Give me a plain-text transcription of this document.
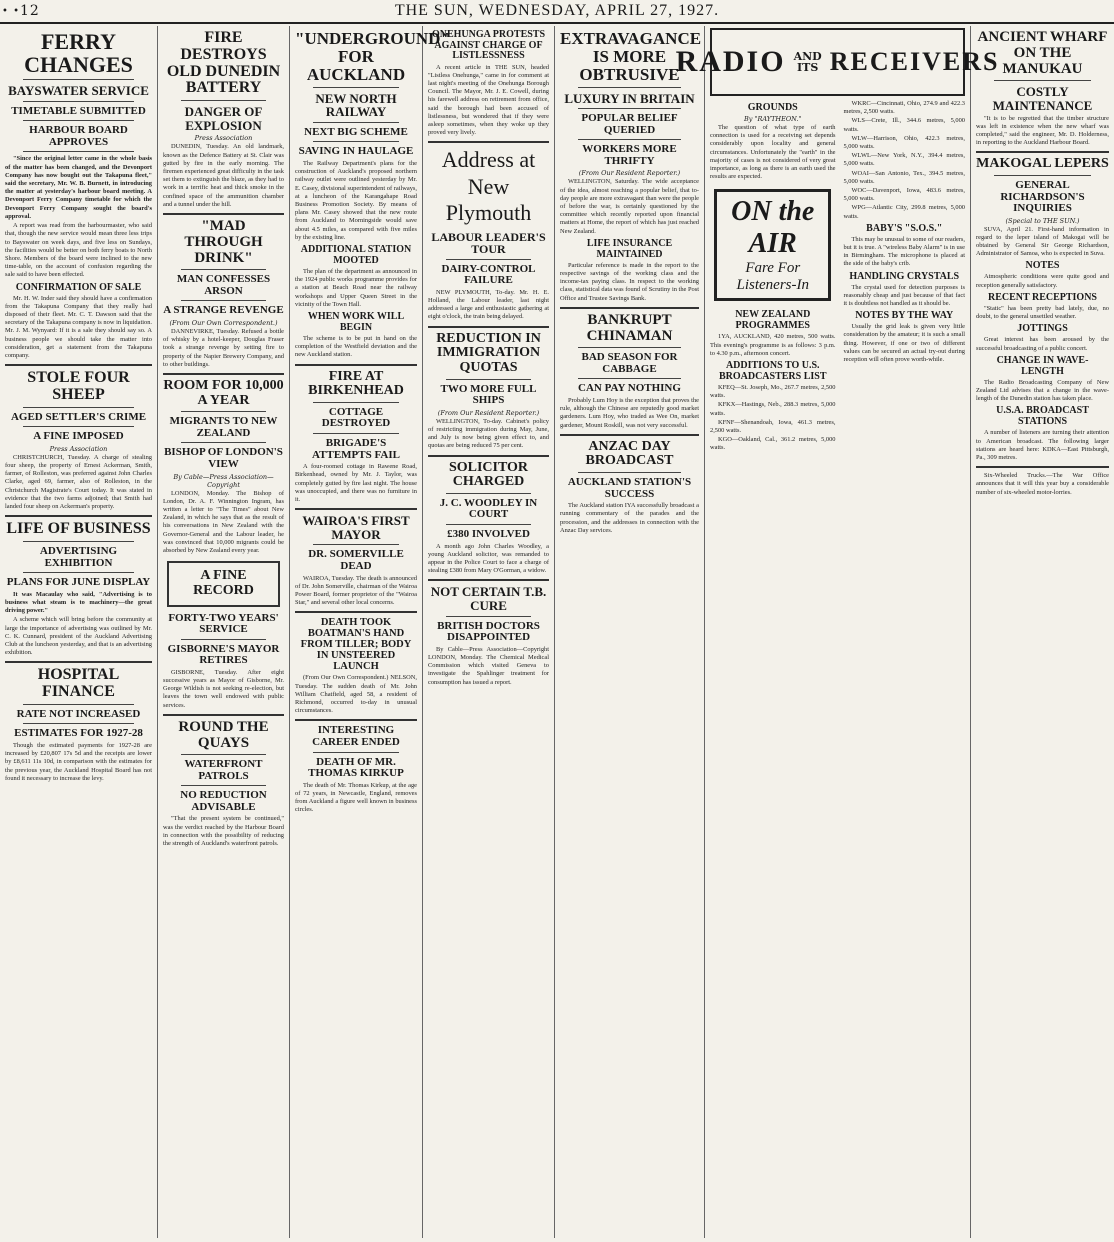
• • 12	THE SUN, WEDNESDAY, APRIL 27, 1927.
FERRY CHANGES
BAYSWATER SERVICE
TIMETABLE SUBMITTED
HARBOUR BOARD APPROVES

"Since the original letter came in the whole basis of the matter has been changed, and the Devonport Company has now bought out the Takapuna fleet," said the secretary, Mr. W. B. Burnett, in introducing the matter at yesterday's harbour board meeting. A Devonport Ferry Company timetable for which the Devonport Ferry Company sought the board's approval.

A report was read from the harbourmaster, who said that, though the new service would mean three less trips to Bayswater on week days, and five less on Sundays, the facilities would be better on both ferry boats to North Shore. Members of the board were inclined to the new time-table, on the account of confusion regarding the sale said to have been effected.

CONFIRMATION OF SALE

Mr. H. W. Inder said they should have a confirmation from the Takapuna Company that they really had disposed of their fleet. Mr. C. T. Dawson said that the secretary of the Takapuna company is now in liquidation. Mr. J. M. Wynyard: If it is a sale they should say so. A business people we should take the matter into consideration, get a statement from the Takapuna company.

STOLE FOUR SHEEP
AGED SETTLER'S CRIME
A FINE IMPOSED
Press Association

CHRISTCHURCH, Tuesday. A charge of stealing four sheep, the property of Ernest Ackerman, Smith, farmer, of Rolleston, was preferred against John Charles Clarke, aged 69, farmer, also of Rolleston, in the Christchurch Magistrate's Court today. It was stated in evidence that the two farms adjoined; that Smith had landed four sheep on Ackerman's property.

LIFE OF BUSINESS
ADVERTISING EXHIBITION
PLANS FOR JUNE DISPLAY

It was Macaulay who said, "Advertising is to business what steam is to machinery—the great driving power."

A scheme which will bring before the community at large the importance of advertising was outlined by Mr. C. K. Cunnard, president of the Auckland Advertising Club at the luncheon yesterday, and that is an advertising exhibition.

HOSPITAL FINANCE
RATE NOT INCREASED
ESTIMATES FOR 1927-28

Though the estimated payments for 1927-28 are increased by £20,807 17s 5d and the receipts are lower by £8,611 11s 10d, in comparison with the estimates for the previous year, the Auckland Hospital Board has not found it necessary to increase the levy.

FIRE DESTROYS OLD DUNEDIN BATTERY
DANGER OF EXPLOSION
Press Association

DUNEDIN, Tuesday. An old landmark, known as the Defence Battery at St. Clair was gutted by fire in the early morning. The firemen experienced great difficulty in the task set them to extinguish the blaze, as they had to work in a terrific heat and thick smoke in the confined space of the ammunition chamber and a tunnel under the hill.

"MAD THROUGH DRINK"
MAN CONFESSES ARSON
A STRANGE REVENGE
(From Our Own Correspondent.)

DANNEVIRKE, Tuesday. Refused a bottle of whisky by a hotel-keeper, Douglas Fraser took a strange revenge by setting fire to property of the Napier Brewery Company, and to other buildings.

ROOM FOR 10,000 A YEAR
MIGRANTS TO NEW ZEALAND
BISHOP OF LONDON'S VIEW
By Cable—Press Association—Copyright

LONDON, Monday. The Bishop of London, Dr. A. F. Winnington Ingram, has written a letter to "The Times" about New Zealand, in which he says that as the result of his conversations in New Zealand with the Governor-General and the Labour leader, he was convinced that 10,000 migrants could be absorbed by New Zealand every year.

A FINE RECORD
FORTY-TWO YEARS' SERVICE
GISBORNE'S MAYOR RETIRES

GISBORNE, Tuesday. After eight successive years as Mayor of Gisborne, Mr. George Wildish is not seeking re-election, but leaves the town well endowed with public services.

ROUND THE QUAYS
WATERFRONT PATROLS
NO REDUCTION ADVISABLE

"That the present system be continued," was the verdict reached by the Harbour Board in connection with the possibility of reducing the strength of Auckland's waterfront patrols.

"UNDERGROUND" FOR AUCKLAND
NEW NORTH RAILWAY
NEXT BIG SCHEME
SAVING IN HAULAGE

The Railway Department's plans for the construction of Auckland's proposed northern railway outlet were outlined yesterday by Mr. E. Casey, divisional superintendent of railways, at a luncheon of the Karangahape Road Business Promotion Society. By means of plans Mr. Casey showed that the new route from Auckland to Morningside would save about 4.5 miles, as compared with five miles by the existing line.

ADDITIONAL STATION MOOTED

The plan of the department as announced in the 1924 public works programme provides for a station at Beach Road near the railway workshops and Upper Queen Street in the vicinity of the Town Hall.

WHEN WORK WILL BEGIN

The scheme is to be put in hand on the completion of the Westfield deviation and the new Auckland station.

FIRE AT BIRKENHEAD
COTTAGE DESTROYED
BRIGADE'S ATTEMPTS FAIL

A four-roomed cottage in Rawene Road, Birkenhead, owned by Mr. J. Taylor, was completely gutted by fire last night. The house was unoccupied, and there was no furniture in it.

WAIROA'S FIRST MAYOR
DR. SOMERVILLE DEAD

WAIROA, Tuesday. The death is announced of Dr. John Somerville, chairman of the Wairoa Power Board, former proprietor of the "Wairoa Star," and several other local concerns.

DEATH TOOK BOATMAN'S HAND FROM TILLER; BODY IN UNSTEERED LAUNCH

(From Our Own Correspondent.) NELSON, Tuesday. The sudden death of Mr. John William Chatfield, aged 58, a resident of Richmond, occurred to-day in unusual circumstances.

INTERESTING CAREER ENDED
DEATH OF MR. THOMAS KIRKUP

The death of Mr. Thomas Kirkup, at the age of 72 years, in Newcastle, England, removes from Auckland a figure well known in business circles.

ONEHUNGA PROTESTS AGAINST CHARGE OF LISTLESSNESS

A recent article in THE SUN, headed "Listless Onehunga," came in for comment at last night's meeting of the Onehunga Borough Council. The Mayor, Mr. J. E. Cowell, during his farewell address on retirement from office, said the borough had been accused of listlessness, but wondered that if they were asleep sometimes, when they woke up they proved very lively.

Address at
New Plymouth
LABOUR LEADER'S TOUR
DAIRY-CONTROL FAILURE

NEW PLYMOUTH, To-day. Mr. H. E. Holland, the Labour leader, last night addressed a large and enthusiastic gathering at eight o'clock, the train being delayed.

REDUCTION IN IMMIGRATION QUOTAS
TWO MORE FULL SHIPS
(From Our Resident Reporter.)

WELLINGTON, To-day. Cabinet's policy of restricting immigration during May, June, and July is now being given effect to, and quotas are being reduced 75 per cent.

SOLICITOR CHARGED
J. C. WOODLEY IN COURT
£380 INVOLVED

A month ago John Charles Woodley, a young Auckland solicitor, was remanded to appear in the Police Court to face a charge of stealing £380 from Mary O'Gorman, a widow.

NOT CERTAIN T.B. CURE
BRITISH DOCTORS DISAPPOINTED

By Cable—Press Association—Copyright LONDON, Monday. The Chemical Medical Commission which visited Geneva to investigate the Spahlinger treatment for consumption has issued a report.

EXTRAVAGANCE IS MORE OBTRUSIVE
LUXURY IN BRITAIN
POPULAR BELIEF QUERIED
WORKERS MORE THRIFTY
(From Our Resident Reporter.)

WELLINGTON, Saturday. The wide acceptance of the idea, almost reaching a popular belief, that to-day people are more extravagant than were the people of before the war, is certainly questioned by the committee which recently reported upon financial matters at Home, the report of which has just reached New Zealand.

LIFE INSURANCE MAINTAINED

Particular reference is made in the report to the respective savings of the working class and the income-tax paying class. In respect to the working class, statistical data was found of Scrutiny in the Post Office and Trustee Savings Bank.

BANKRUPT CHINAMAN
BAD SEASON FOR CABBAGE
CAN PAY NOTHING

Probably Lum Hoy is the exception that proves the rule, although the Chinese are reputedly good market gardeners. Lum Hoy, who traded as Wee On, market gardener, Mount Roskill, was not very successful.

ANZAC DAY BROADCAST
AUCKLAND STATION'S SUCCESS

The Auckland station IYA successfully broadcast a running commentary of the parades and the procession, and the addresses in connection with the Anzac Day services.

RADIO AND
ITS RECEIVERS
GROUNDS
By "RAYTHEON."

The question of what type of earth connection is used for a receiving set depends considerably upon locality and general circumstances. Unfortunately the "earth" in the majority of cases is not considered of very great importance, as long as there is an earth used the results are expected.

ON the AIR
Fare For Listeners-In
NEW ZEALAND PROGRAMMES

1YA, AUCKLAND, 420 metres, 500 watts. This evening's programme is as follows: 3 p.m. to 4.30 p.m., afternoon concert.

ADDITIONS TO U.S. BROADCASTERS LIST

KFEQ—St. Joseph, Mo., 267.7 metres, 2,500 watts.

KFKX—Hastings, Neb., 288.3 metres, 5,000 watts.

KFNF—Shenandoah, Iowa, 461.3 metres, 2,500 watts.

KGO—Oakland, Cal., 361.2 metres, 5,000 watts.

WKRC—Cincinnati, Ohio, 274.9 and 422.3 metres, 2,500 watts.

WLS—Crete, Ill., 344.6 metres, 5,000 watts.

WLW—Harrison, Ohio, 422.3 metres, 5,000 watts.

WLWL—New York, N.Y., 394.4 metres, 5,000 watts.

WOAI—San Antonio, Tex., 394.5 metres, 5,000 watts.

WOC—Davenport, Iowa, 483.6 metres, 5,000 watts.

WPG—Atlantic City, 299.8 metres, 5,000 watts.

BABY'S "S.O.S."

This may be unusual to some of our readers, but it is true. A "wireless Baby Alarm" is in use in Birmingham. The microphone is placed at the side of the baby's crib.

HANDLING CRYSTALS

The crystal used for detection purposes is reasonably cheap and just because of that fact it is doubtless not handled as it should be.

NOTES BY THE WAY

Usually the grid leak is given very little consideration by the amateur; it is such a small thing. However, if one or two of different values can be secured an actual try-out during reception will often prove worth-while.

ANCIENT WHARF ON THE MANUKAU
COSTLY MAINTENANCE

"It is to be regretted that the timber structure was left in existence when the new wharf was completed," said the engineer, Mr. D. Holderness, in reporting to the Auckland Harbour Board.

MAKOGAL LEPERS
GENERAL RICHARDSON'S INQUIRIES
(Special to THE SUN.)

SUVA, April 21. First-hand information in regard to the leper island of Makogai will be obtained by General Sir George Richardson, Administrator of Samoa, who is expected in Suva.

NOTES

Atmospheric conditions were quite good and reception generally satisfactory.

RECENT RECEPTIONS

"Static" has been pretty bad lately, due, no doubt, to the general unsettled weather.

JOTTINGS

Great interest has been aroused by the successful broadcasting of a public concert.

CHANGE IN WAVE-LENGTH

The Radio Broadcasting Company of New Zealand Ltd advises that a change in the wave-length of the Dunedin station has taken place.

U.S.A. BROADCAST STATIONS

A number of listeners are turning their attention to American broadcast. The following larger stations are heard here: KDKA—East Pittsburgh, Pa., 309 metres.

Six-Wheeled Trucks.—The War Office announces that it will this year buy a considerable number of six-wheeled motor-lorries.
